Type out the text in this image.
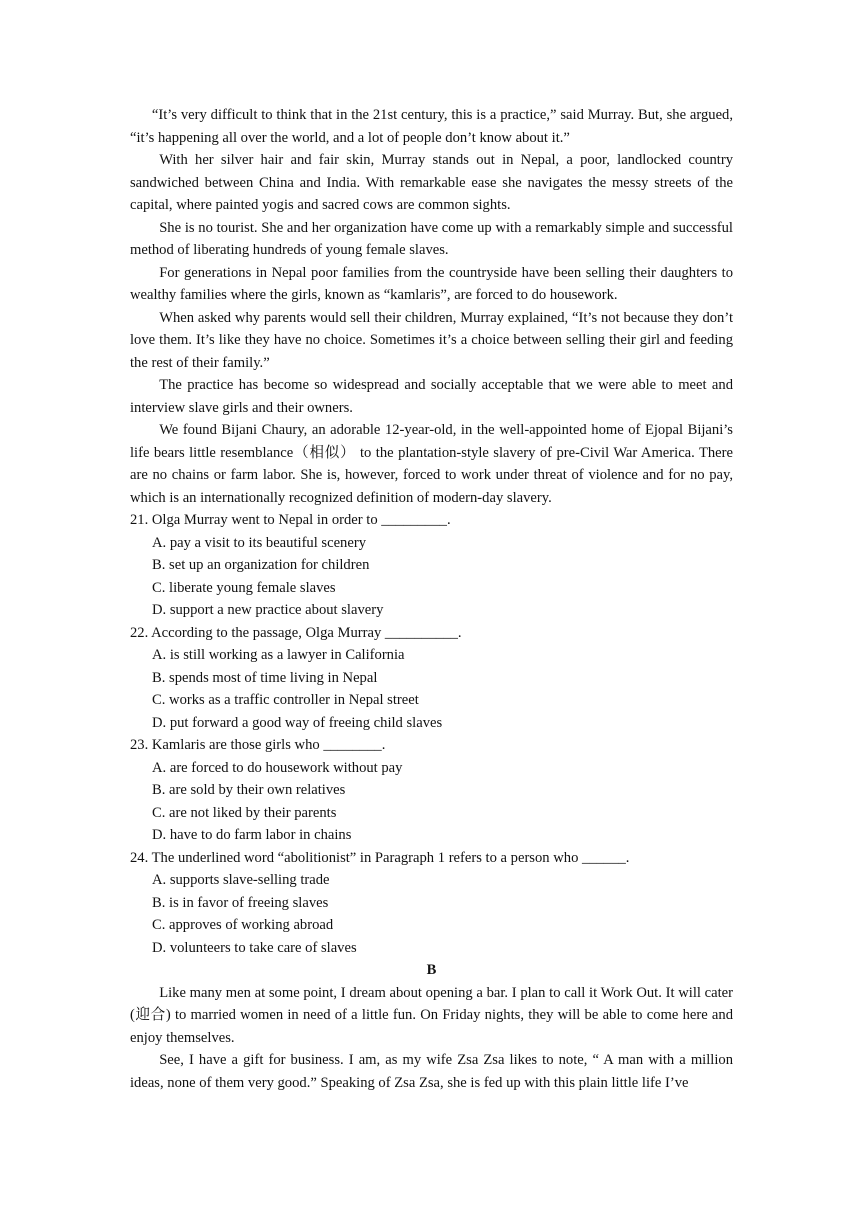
“It’s very difficult to think that in the 21st century, this is a practice,” said Murray. But, she argued, “it’s happening all over the world, and a lot of people don’t know about it.”

With her silver hair and fair skin, Murray stands out in Nepal, a poor, landlocked country sandwiched between China and India. With remarkable ease she navigates the messy streets of the capital, where painted yogis and sacred cows are common sights.

She is no tourist. She and her organization have come up with a remarkably simple and successful method of liberating hundreds of young female slaves.

For generations in Nepal poor families from the countryside have been selling their daughters to wealthy families where the girls, known as “kamlaris”, are forced to do housework.

When asked why parents would sell their children, Murray explained, “It’s not because they don’t love them. It’s like they have no choice. Sometimes it’s a choice between selling their girl and feeding the rest of their family.”

The practice has become so widespread and socially acceptable that we were able to meet and interview slave girls and their owners.

We found Bijani Chaury, an adorable 12-year-old, in the well-appointed home of Ejopal Bijani’s life bears little resemblance（相似） to the plantation-style slavery of pre-Civil War America. There are no chains or farm labor. She is, however, forced to work under threat of violence and for no pay, which is an internationally recognized definition of modern-day slavery.

21. Olga Murray went to Nepal in order to _________.

A. pay a visit to its beautiful scenery

B. set up an organization for children

C. liberate young female slaves

D. support a new practice about slavery

22. According to the passage, Olga Murray __________.

A. is still working as a lawyer in California

B. spends most of time living in Nepal

C. works as a traffic controller in Nepal street

D. put forward a good way of freeing child slaves

23. Kamlaris are those girls who ________.

A. are forced to do housework without pay

B. are sold by their own relatives

C. are not liked by their parents

D. have to do farm labor in chains

24. The underlined word “abolitionist” in Paragraph 1 refers to a person who ______.

A. supports slave-selling trade

B. is in favor of freeing slaves

C. approves of working abroad

D. volunteers to take care of slaves

B

Like many men at some point, I dream about opening a bar. I plan to call it Work Out. It will cater (迎合) to married women in need of a little fun. On Friday nights, they will be able to come here and enjoy themselves.

See, I have a gift for business. I am, as my wife Zsa Zsa likes to note, “ A man with a million ideas, none of them very good.” Speaking of Zsa Zsa, she is fed up with this plain little life I’ve
